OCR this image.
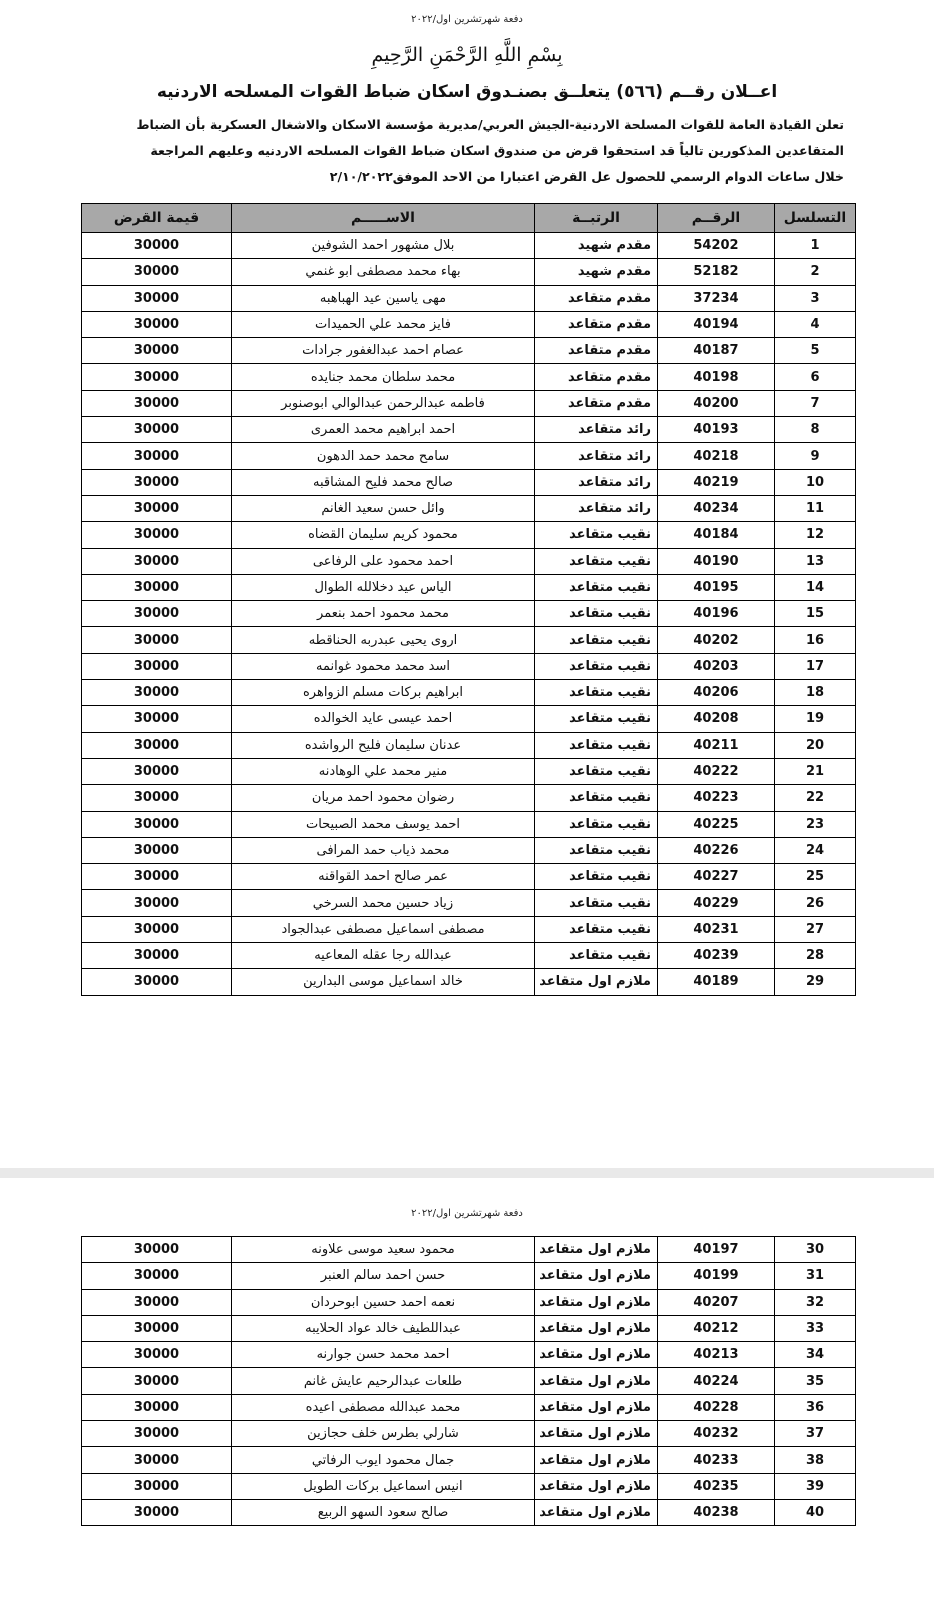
دفعة شهرتشرين اول/٢٠٢٢
بِسْمِ اللَّهِ الرَّحْمَنِ الرَّحِيمِ
اعــلان رقــم (٥٦٦) يتعلــق بصنـدوق اسكان ضباط القوات المسلحه الاردنيه

تعلن القيادة العامة للقوات المسلحة الاردنية-الجيش العربي/مديرية مؤسسة الاسكان والاشغال العسكرية بأن الضباط

المتقاعدين المذكورين تالياً قد استحقوا قرض من صندوق اسكان ضباط القوات المسلحه الاردنيه وعليهم المراجعة

خلال ساعات الدوام الرسمي للحصول عل القرض اعتبارا من الاحد الموفق٢/١٠/٢٠٢٢

التسلسل	الرقــم	الرتبــة	الاســـــم	قيمة القرض
1	54202	مقدم شهيد	بلال مشهور احمد الشوفين	30000
2	52182	مقدم شهيد	بهاء محمد مصطفى ابو غنمي	30000
3	37234	مقدم متقاعد	مهى ياسين عيد الهباهبه	30000
4	40194	مقدم متقاعد	فايز محمد علي الحميدات	30000
5	40187	مقدم متقاعد	عصام احمد عبدالغفور جرادات	30000
6	40198	مقدم متقاعد	محمد سلطان محمد جنايده	30000
7	40200	مقدم متقاعد	فاطمه عبدالرحمن عبدالوالي ابوصنوبر	30000
8	40193	رائد متقاعد	احمد ابراهيم محمد العمرى	30000
9	40218	رائد متقاعد	سامح محمد حمد الدهون	30000
10	40219	رائد متقاعد	صالح محمد فليح المشاقبه	30000
11	40234	رائد متقاعد	وائل حسن سعيد الغانم	30000
12	40184	نقيب متقاعد	محمود كريم سليمان القضاه	30000
13	40190	نقيب متقاعد	احمد محمود على الرفاعى	30000
14	40195	نقيب متقاعد	الياس عيد دخلالله الطوال	30000
15	40196	نقيب متقاعد	محمد محمود احمد بنعمر	30000
16	40202	نقيب متقاعد	اروى يحيى عبدربه الحناقطه	30000
17	40203	نقيب متقاعد	اسد محمد محمود غوانمه	30000
18	40206	نقيب متقاعد	ابراهيم بركات مسلم الزواهره	30000
19	40208	نقيب متقاعد	احمد عيسى عايد الخوالده	30000
20	40211	نقيب متقاعد	عدنان سليمان فليح الرواشده	30000
21	40222	نقيب متقاعد	منير محمد علي الوهادنه	30000
22	40223	نقيب متقاعد	رضوان محمود احمد مريان	30000
23	40225	نقيب متقاعد	احمد يوسف محمد الصبيحات	30000
24	40226	نقيب متقاعد	محمد ذياب حمد المرافى	30000
25	40227	نقيب متقاعد	عمر صالح احمد القواقنه	30000
26	40229	نقيب متقاعد	زياد حسين محمد السرخي	30000
27	40231	نقيب متقاعد	مصطفى اسماعيل مصطفى عبدالجواد	30000
28	40239	نقيب متقاعد	عبدالله رجا عقله المعاعيه	30000
29	40189	ملازم اول متقاعد	خالد اسماعيل موسى البدارين	30000
دفعة شهرتشرين اول/٢٠٢٢
30	40197	ملازم اول متقاعد	محمود سعيد موسى علاونه	30000
31	40199	ملازم اول متقاعد	حسن احمد سالم العنبر	30000
32	40207	ملازم اول متقاعد	نعمه احمد حسين ابوحردان	30000
33	40212	ملازم اول متقاعد	عبداللطيف خالد عواد الحلايبه	30000
34	40213	ملازم اول متقاعد	احمد محمد حسن جوارنه	30000
35	40224	ملازم اول متقاعد	طلعات عبدالرحيم عايش غانم	30000
36	40228	ملازم اول متقاعد	محمد عبدالله مصطفى اعيده	30000
37	40232	ملازم اول متقاعد	شارلي بطرس خلف حجازين	30000
38	40233	ملازم اول متقاعد	جمال محمود ايوب الرفاتي	30000
39	40235	ملازم اول متقاعد	انيس اسماعيل بركات الطويل	30000
40	40238	ملازم اول متقاعد	صالح سعود السهو الربيع	30000
